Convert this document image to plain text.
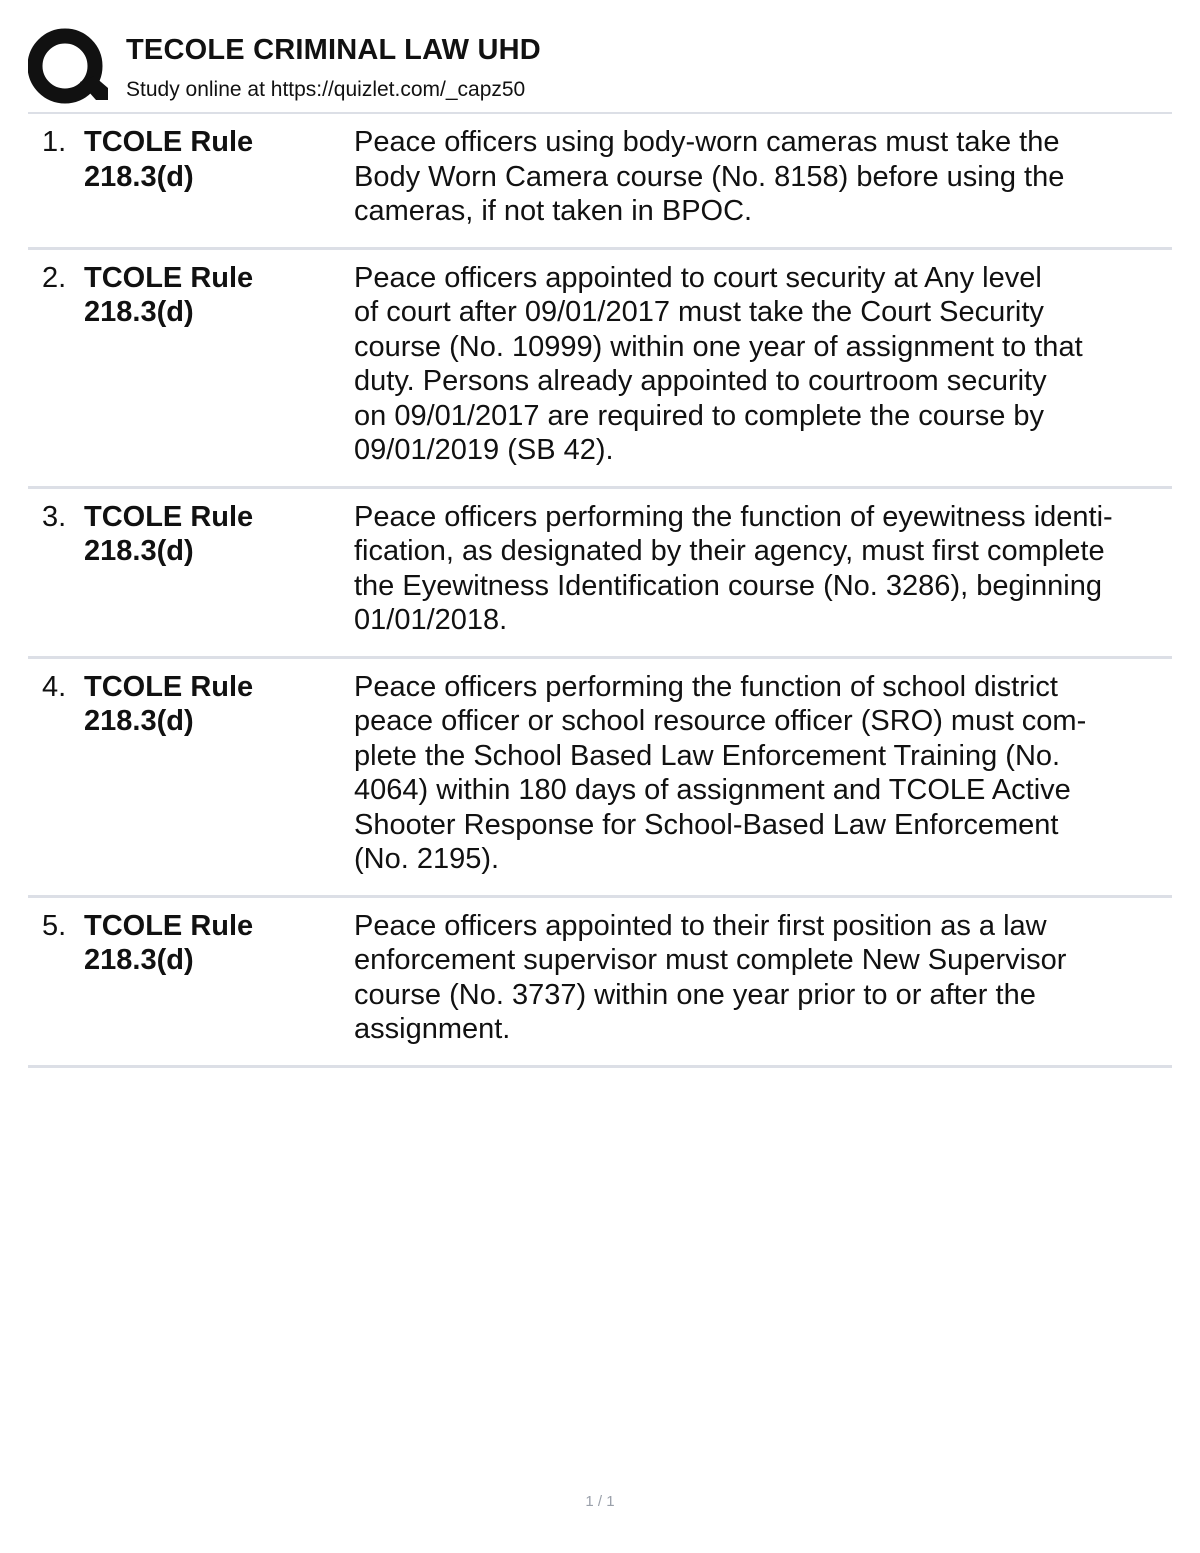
TECOLE CRIMINAL LAW UHD
Study online at https://quizlet.com/_capz50
1. TCOLE Rule
218.3(d)
Peace officers using body-worn cameras must take the
Body Worn Camera course (No. 8158) before using the
cameras, if not taken in BPOC.
2. TCOLE Rule
218.3(d)
Peace officers appointed to court security at Any level
of court after 09/01/2017 must take the Court Security
course (No. 10999) within one year of assignment to that
duty. Persons already appointed to courtroom security
on 09/01/2017 are required to complete the course by
09/01/2019 (SB 42).
3. TCOLE Rule
218.3(d)
Peace officers performing the function of eyewitness identi-
fication, as designated by their agency, must first complete
the Eyewitness Identification course (No. 3286), beginning
01/01/2018.
4. TCOLE Rule
218.3(d)
Peace officers performing the function of school district
peace officer or school resource officer (SRO) must com-
plete the School Based Law Enforcement Training (No.
4064) within 180 days of assignment and TCOLE Active
Shooter Response for School-Based Law Enforcement
(No. 2195).
5. TCOLE Rule
218.3(d)
Peace officers appointed to their first position as a law
enforcement supervisor must complete New Supervisor
course (No. 3737) within one year prior to or after the
assignment.
1 / 1
